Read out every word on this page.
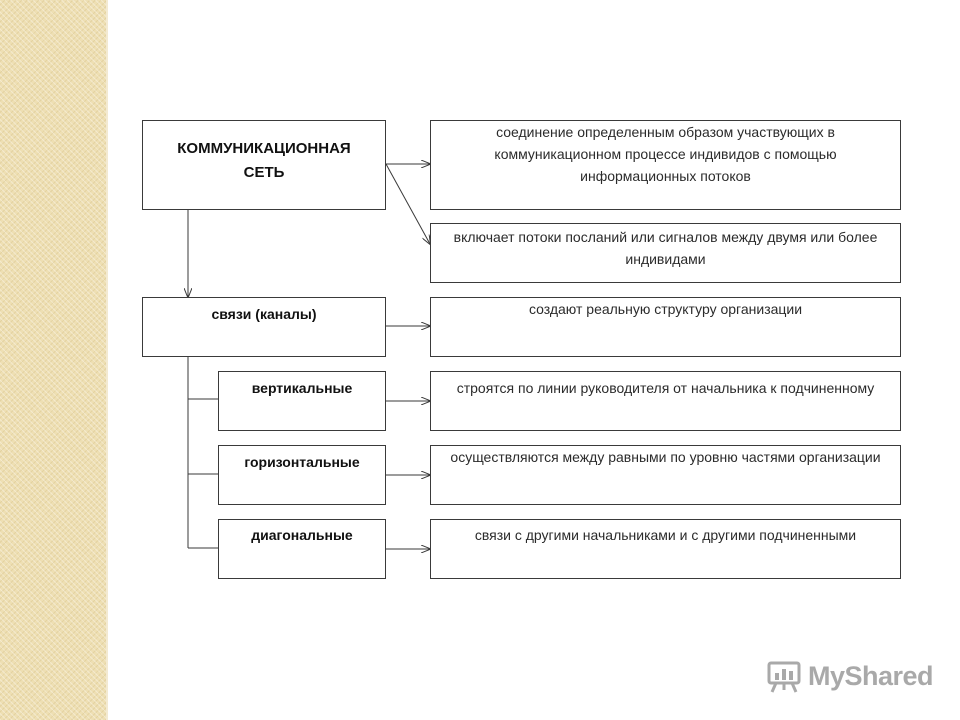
КОММУНИКАЦИОННАЯ
СЕТЬ
соединение определенным образом участвующих в коммуникационном процессе индивидов с помощью информационных потоков
включает потоки посланий или сигналов между двумя или более индивидами
связи (каналы)	создают реальную структуру организации
вертикальные	строятся по линии руководителя от начальника к подчиненному
горизонтальные	осуществляются между равными по уровню частями организации
диагональные	связи с другими начальниками и с другими подчиненными
MyShared
